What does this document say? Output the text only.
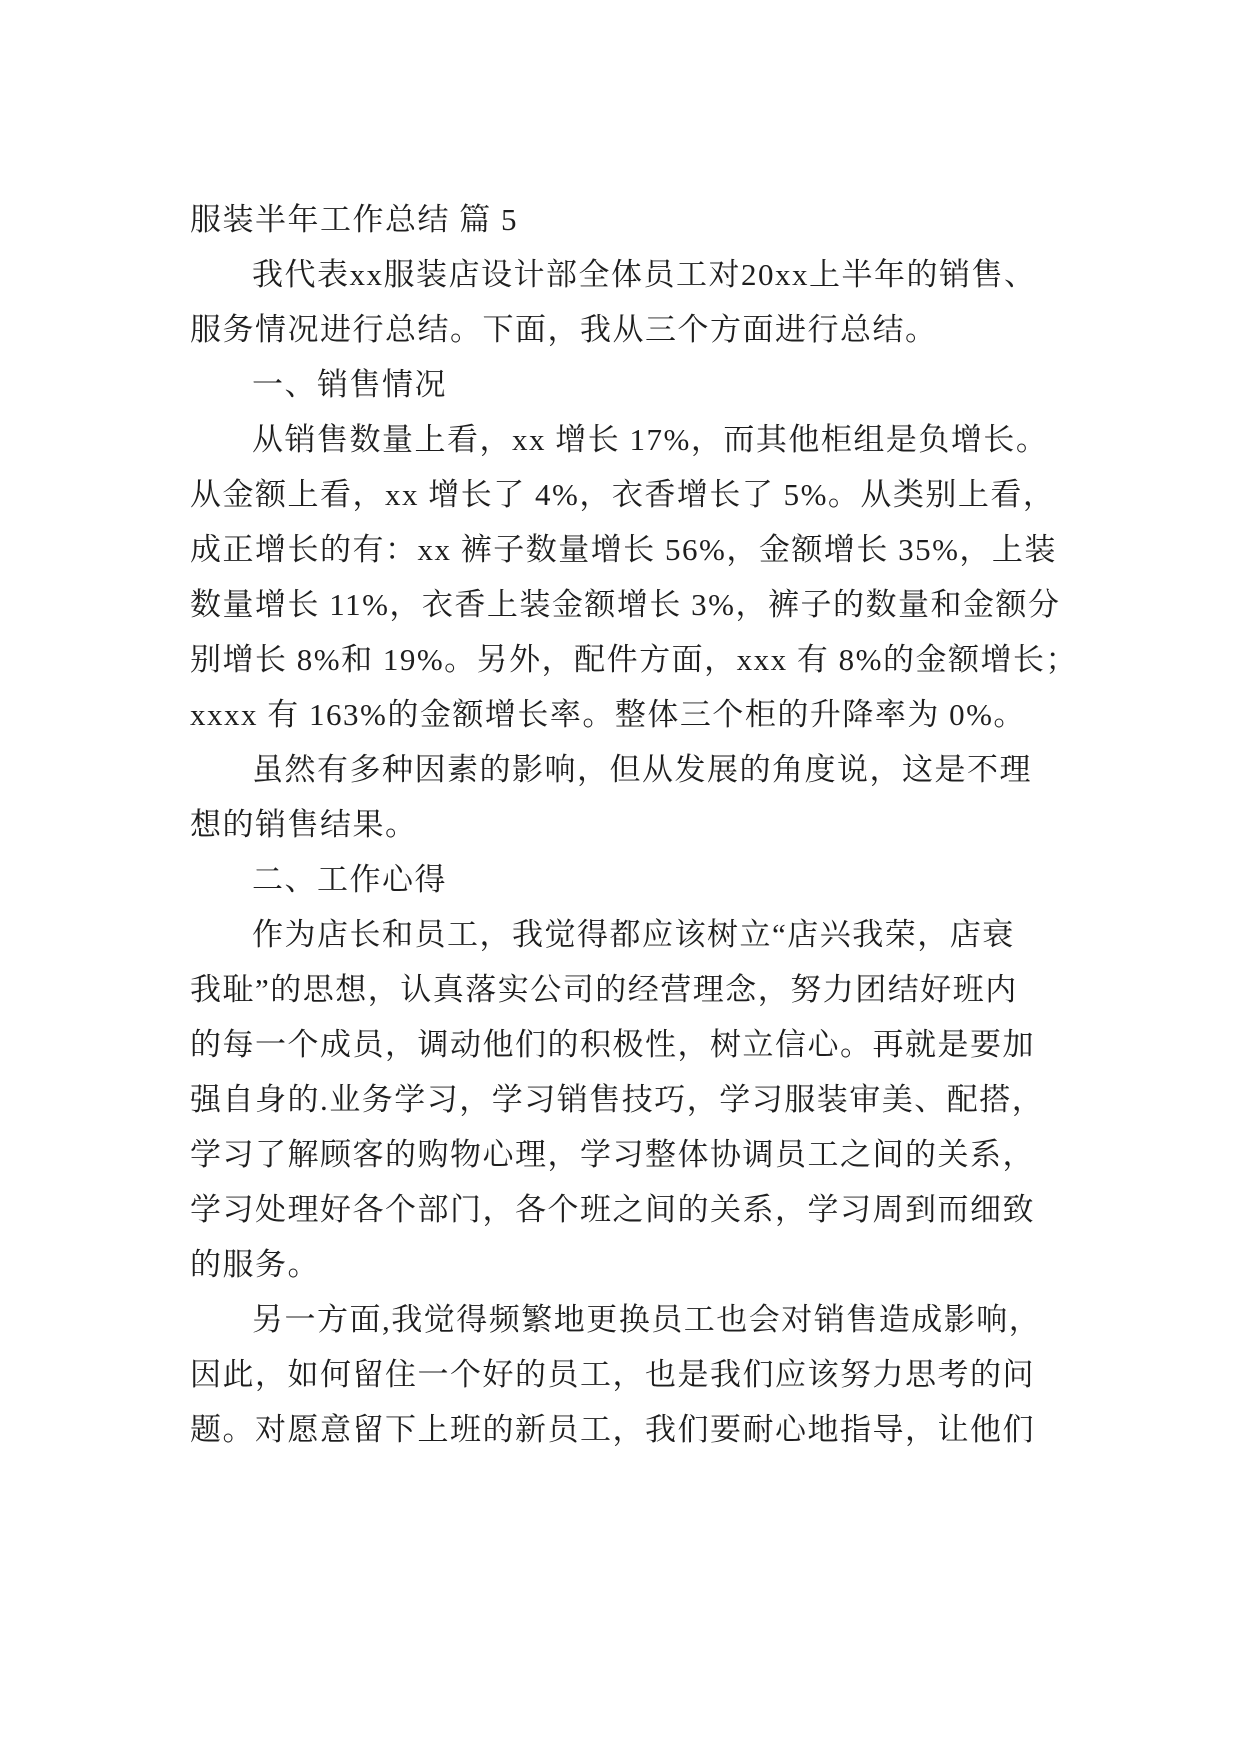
服装半年工作总结 篇 5
我代表xx服装店设计部全体员工对20xx上半年的销售、
服务情况进行总结。下面，我从三个方面进行总结。
一、销售情况
从销售数量上看，xx 增长 17%，而其他柜组是负增长。
从金额上看，xx 增长了 4%，衣香增长了 5%。从类别上看，
成正增长的有：xx 裤子数量增长 56%，金额增长 35%，上装
数量增长 11%，衣香上装金额增长 3%，裤子的数量和金额分
别增长 8%和 19%。另外，配件方面，xxx 有 8%的金额增长；
xxxx 有 163%的金额增长率。整体三个柜的升降率为 0%。
虽然有多种因素的影响，但从发展的角度说，这是不理
想的销售结果。
二、工作心得
作为店长和员工，我觉得都应该树立“店兴我荣，店衰
我耻”的思想，认真落实公司的经营理念，努力团结好班内
的每一个成员，调动他们的积极性，树立信心。再就是要加
强自身的.业务学习，学习销售技巧，学习服装审美、配搭，
学习了解顾客的购物心理，学习整体协调员工之间的关系，
学习处理好各个部门，各个班之间的关系，学习周到而细致
的服务。
另一方面,我觉得频繁地更换员工也会对销售造成影响，
因此，如何留住一个好的员工，也是我们应该努力思考的问
题。对愿意留下上班的新员工，我们要耐心地指导，让他们
